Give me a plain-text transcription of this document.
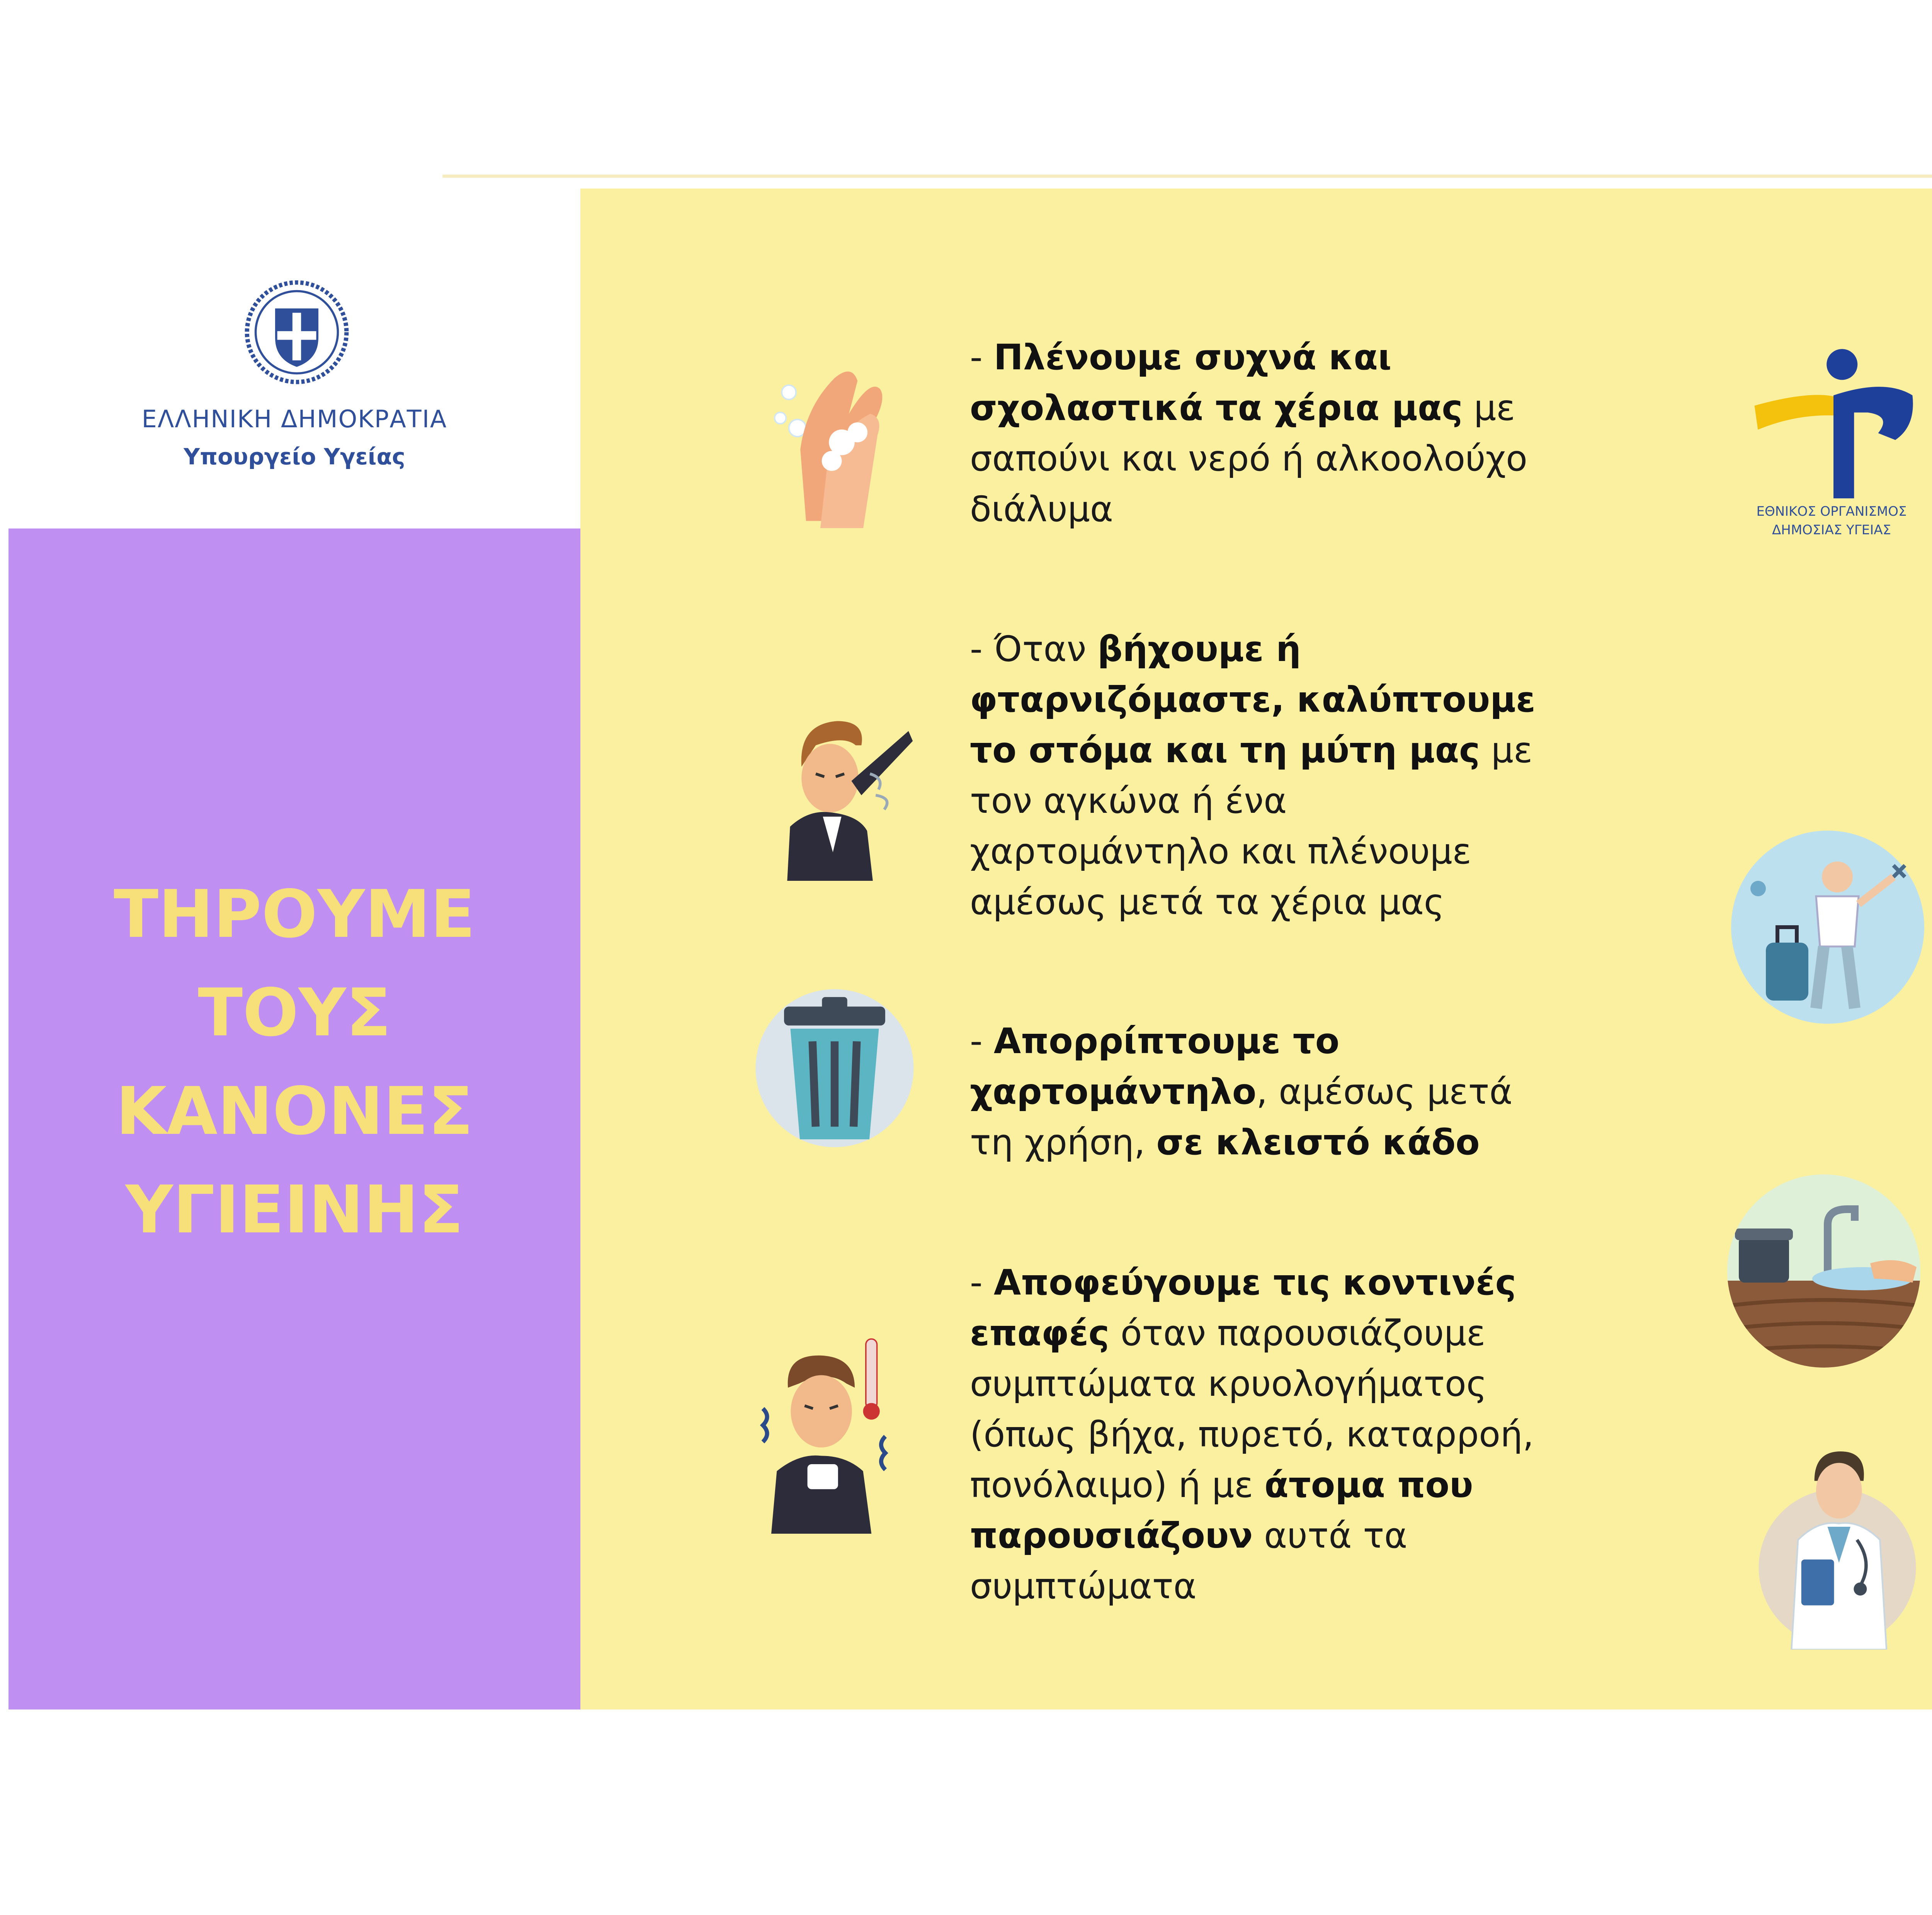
ΕΛΛΗΝΙΚΗ ΔΗΜΟΚΡΑΤΙΑ
Υπουργείο Υγείας
ΤΗΡΟΥΜΕ
ΤΟΥΣ
ΚΑΝΟΝΕΣ
ΥΓΙΕΙΝΗΣ
ΕΘΝΙΚΟΣ ΟΡΓΑΝΙΣΜΟΣ
ΔΗΜΟΣΙΑΣ ΥΓΕΙΑΣ
- Πλένουμε συχνά και σχολαστικά τα χέρια μας με σαπούνι και νερό ή αλκοολούχο διάλυμα
- Όταν βήχουμε ή φταρνιζόμαστε, καλύπτουμε το στόμα και τη μύτη μας με τον αγκώνα ή ένα χαρτομάντηλο και πλένουμε αμέσως μετά τα χέρια μας
- Απορρίπτουμε το χαρτομάντηλο, αμέσως μετά τη χρήση, σε κλειστό κάδο
- Αποφεύγουμε τις κοντινές επαφές όταν παρουσιάζουμε συμπτώματα κρυολογήματος (όπως βήχα, πυρετό, καταρροή, πονόλαιμο) ή με άτομα που παρουσιάζουν αυτά τα συμπτώματα
